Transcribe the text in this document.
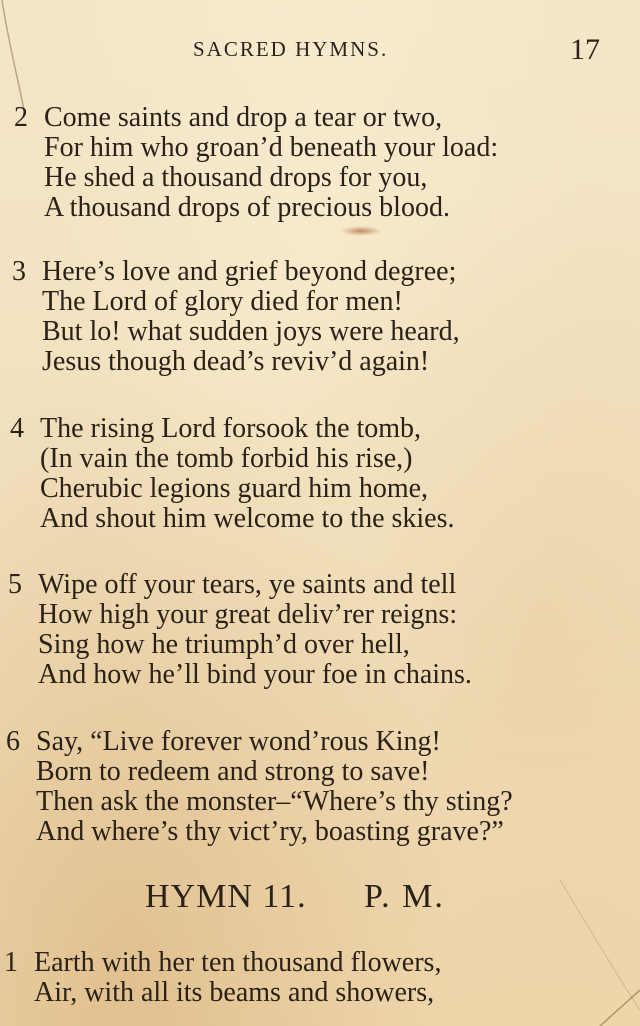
SACRED HYMNS.	17
2 Come saints and drop a tear or two,
For him who groan’d beneath your load:
He shed a thousand drops for you,
A thousand drops of precious blood.
3 Here’s love and grief beyond degree;
The Lord of glory died for men!
But lo! what sudden joys were heard,
Jesus though dead’s reviv’d again!
4 The rising Lord forsook the tomb,
(In vain the tomb forbid his rise,)
Cherubic legions guard him home,
And shout him welcome to the skies.
5 Wipe off your tears, ye saints and tell
How high your great deliv’rer reigns:
Sing how he triumph’d over hell,
And how he’ll bind your foe in chains.
6 Say, “Live forever wond’rous King!
Born to redeem and strong to save!
Then ask the monster–“Where’s thy sting?
And where’s thy vict’ry, boasting grave?”
HYMN 11. P. M.
1 Earth with her ten thousand flowers,
Air, with all its beams and showers,
